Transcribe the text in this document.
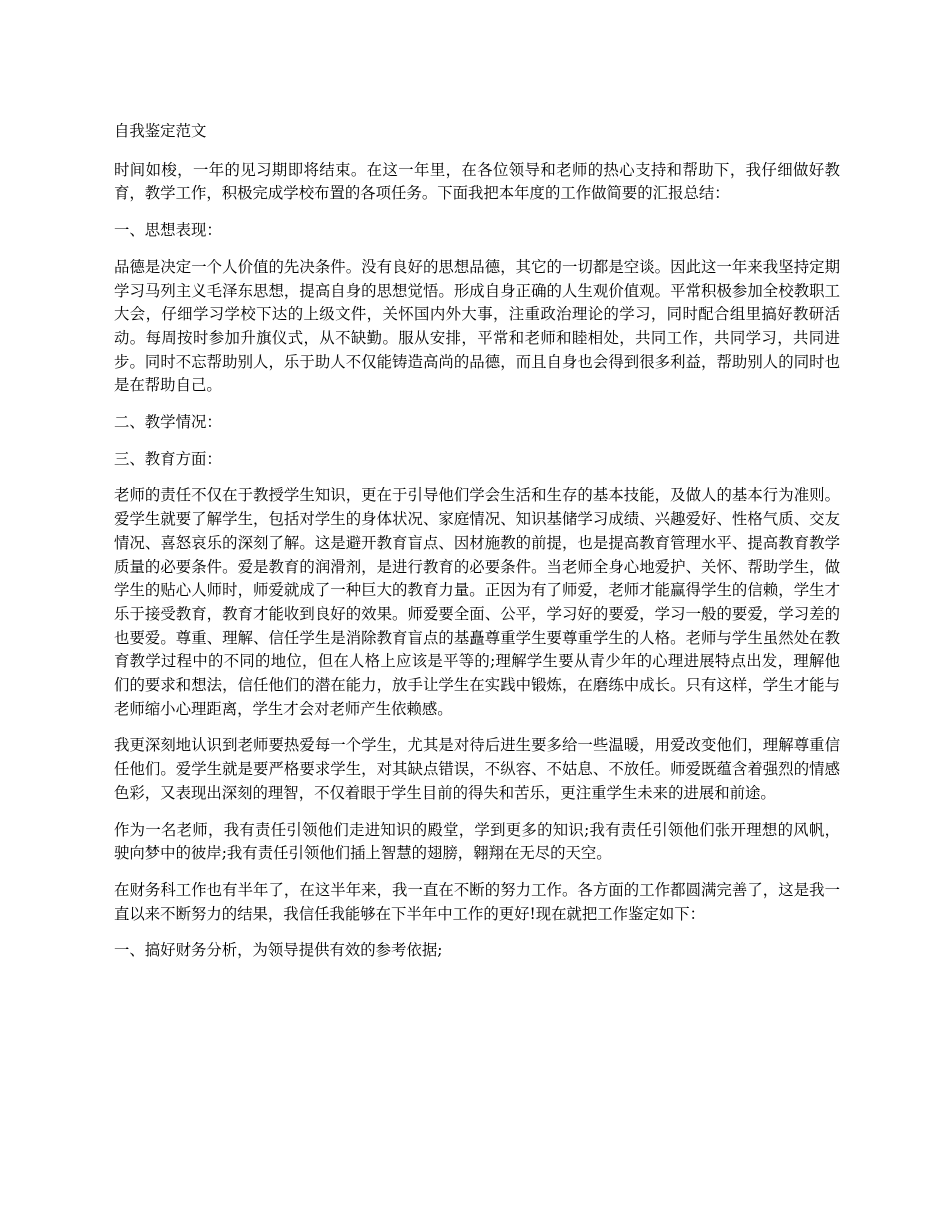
自我鉴定范文

时间如梭，一年的见习期即将结束。在这一年里，在各位领导和老师的热心支持和帮助下，我仔细做好教育，教学工作，积极完成学校布置的各项任务。下面我把本年度的工作做简要的汇报总结：

一、思想表现：

品德是决定一个人价值的先决条件。没有良好的思想品德，其它的一切都是空谈。因此这一年来我坚持定期学习马列主义毛泽东思想，提高自身的思想觉悟。形成自身正确的人生观价值观。平常积极参加全校教职工大会，仔细学习学校下达的上级文件，关怀国内外大事，注重政治理论的学习，同时配合组里搞好教研活动。每周按时参加升旗仪式，从不缺勤。服从安排，平常和老师和睦相处，共同工作，共同学习，共同进步。同时不忘帮助别人，乐于助人不仅能铸造高尚的品德，而且自身也会得到很多利益，帮助别人的同时也是在帮助自己。

二、教学情况：

三、教育方面：

老师的责任不仅在于教授学生知识，更在于引导他们学会生活和生存的基本技能，及做人的基本行为准则。爱学生就要了解学生，包括对学生的身体状况、家庭情况、知识基储学习成绩、兴趣爱好、性格气质、交友情况、喜怒哀乐的深刻了解。这是避开教育盲点、因材施教的前提，也是提高教育管理水平、提高教育教学质量的必要条件。爱是教育的润滑剂，是进行教育的必要条件。当老师全身心地爱护、关怀、帮助学生，做学生的贴心人师时，师爱就成了一种巨大的教育力量。正因为有了师爱，老师才能赢得学生的信赖，学生才乐于接受教育，教育才能收到良好的效果。师爱要全面、公平，学习好的要爱，学习一般的要爱，学习差的也要爱。尊重、理解、信任学生是消除教育盲点的基矗尊重学生要尊重学生的人格。老师与学生虽然处在教育教学过程中的不同的地位，但在人格上应该是平等的;理解学生要从青少年的心理进展特点出发，理解他们的要求和想法，信任他们的潜在能力，放手让学生在实践中锻炼，在磨练中成长。只有这样，学生才能与老师缩小心理距离，学生才会对老师产生依赖感。

我更深刻地认识到老师要热爱每一个学生，尤其是对待后进生要多给一些温暖，用爱改变他们，理解尊重信任他们。爱学生就是要严格要求学生，对其缺点错误，不纵容、不姑息、不放任。师爱既蕴含着强烈的情感色彩，又表现出深刻的理智，不仅着眼于学生目前的得失和苦乐，更注重学生未来的进展和前途。

作为一名老师，我有责任引领他们走进知识的殿堂，学到更多的知识;我有责任引领他们张开理想的风帆，驶向梦中的彼岸;我有责任引领他们插上智慧的翅膀，翱翔在无尽的天空。

在财务科工作也有半年了，在这半年来，我一直在不断的努力工作。各方面的工作都圆满完善了，这是我一直以来不断努力的结果，我信任我能够在下半年中工作的更好!现在就把工作鉴定如下：

一、搞好财务分析，为领导提供有效的参考依据;
